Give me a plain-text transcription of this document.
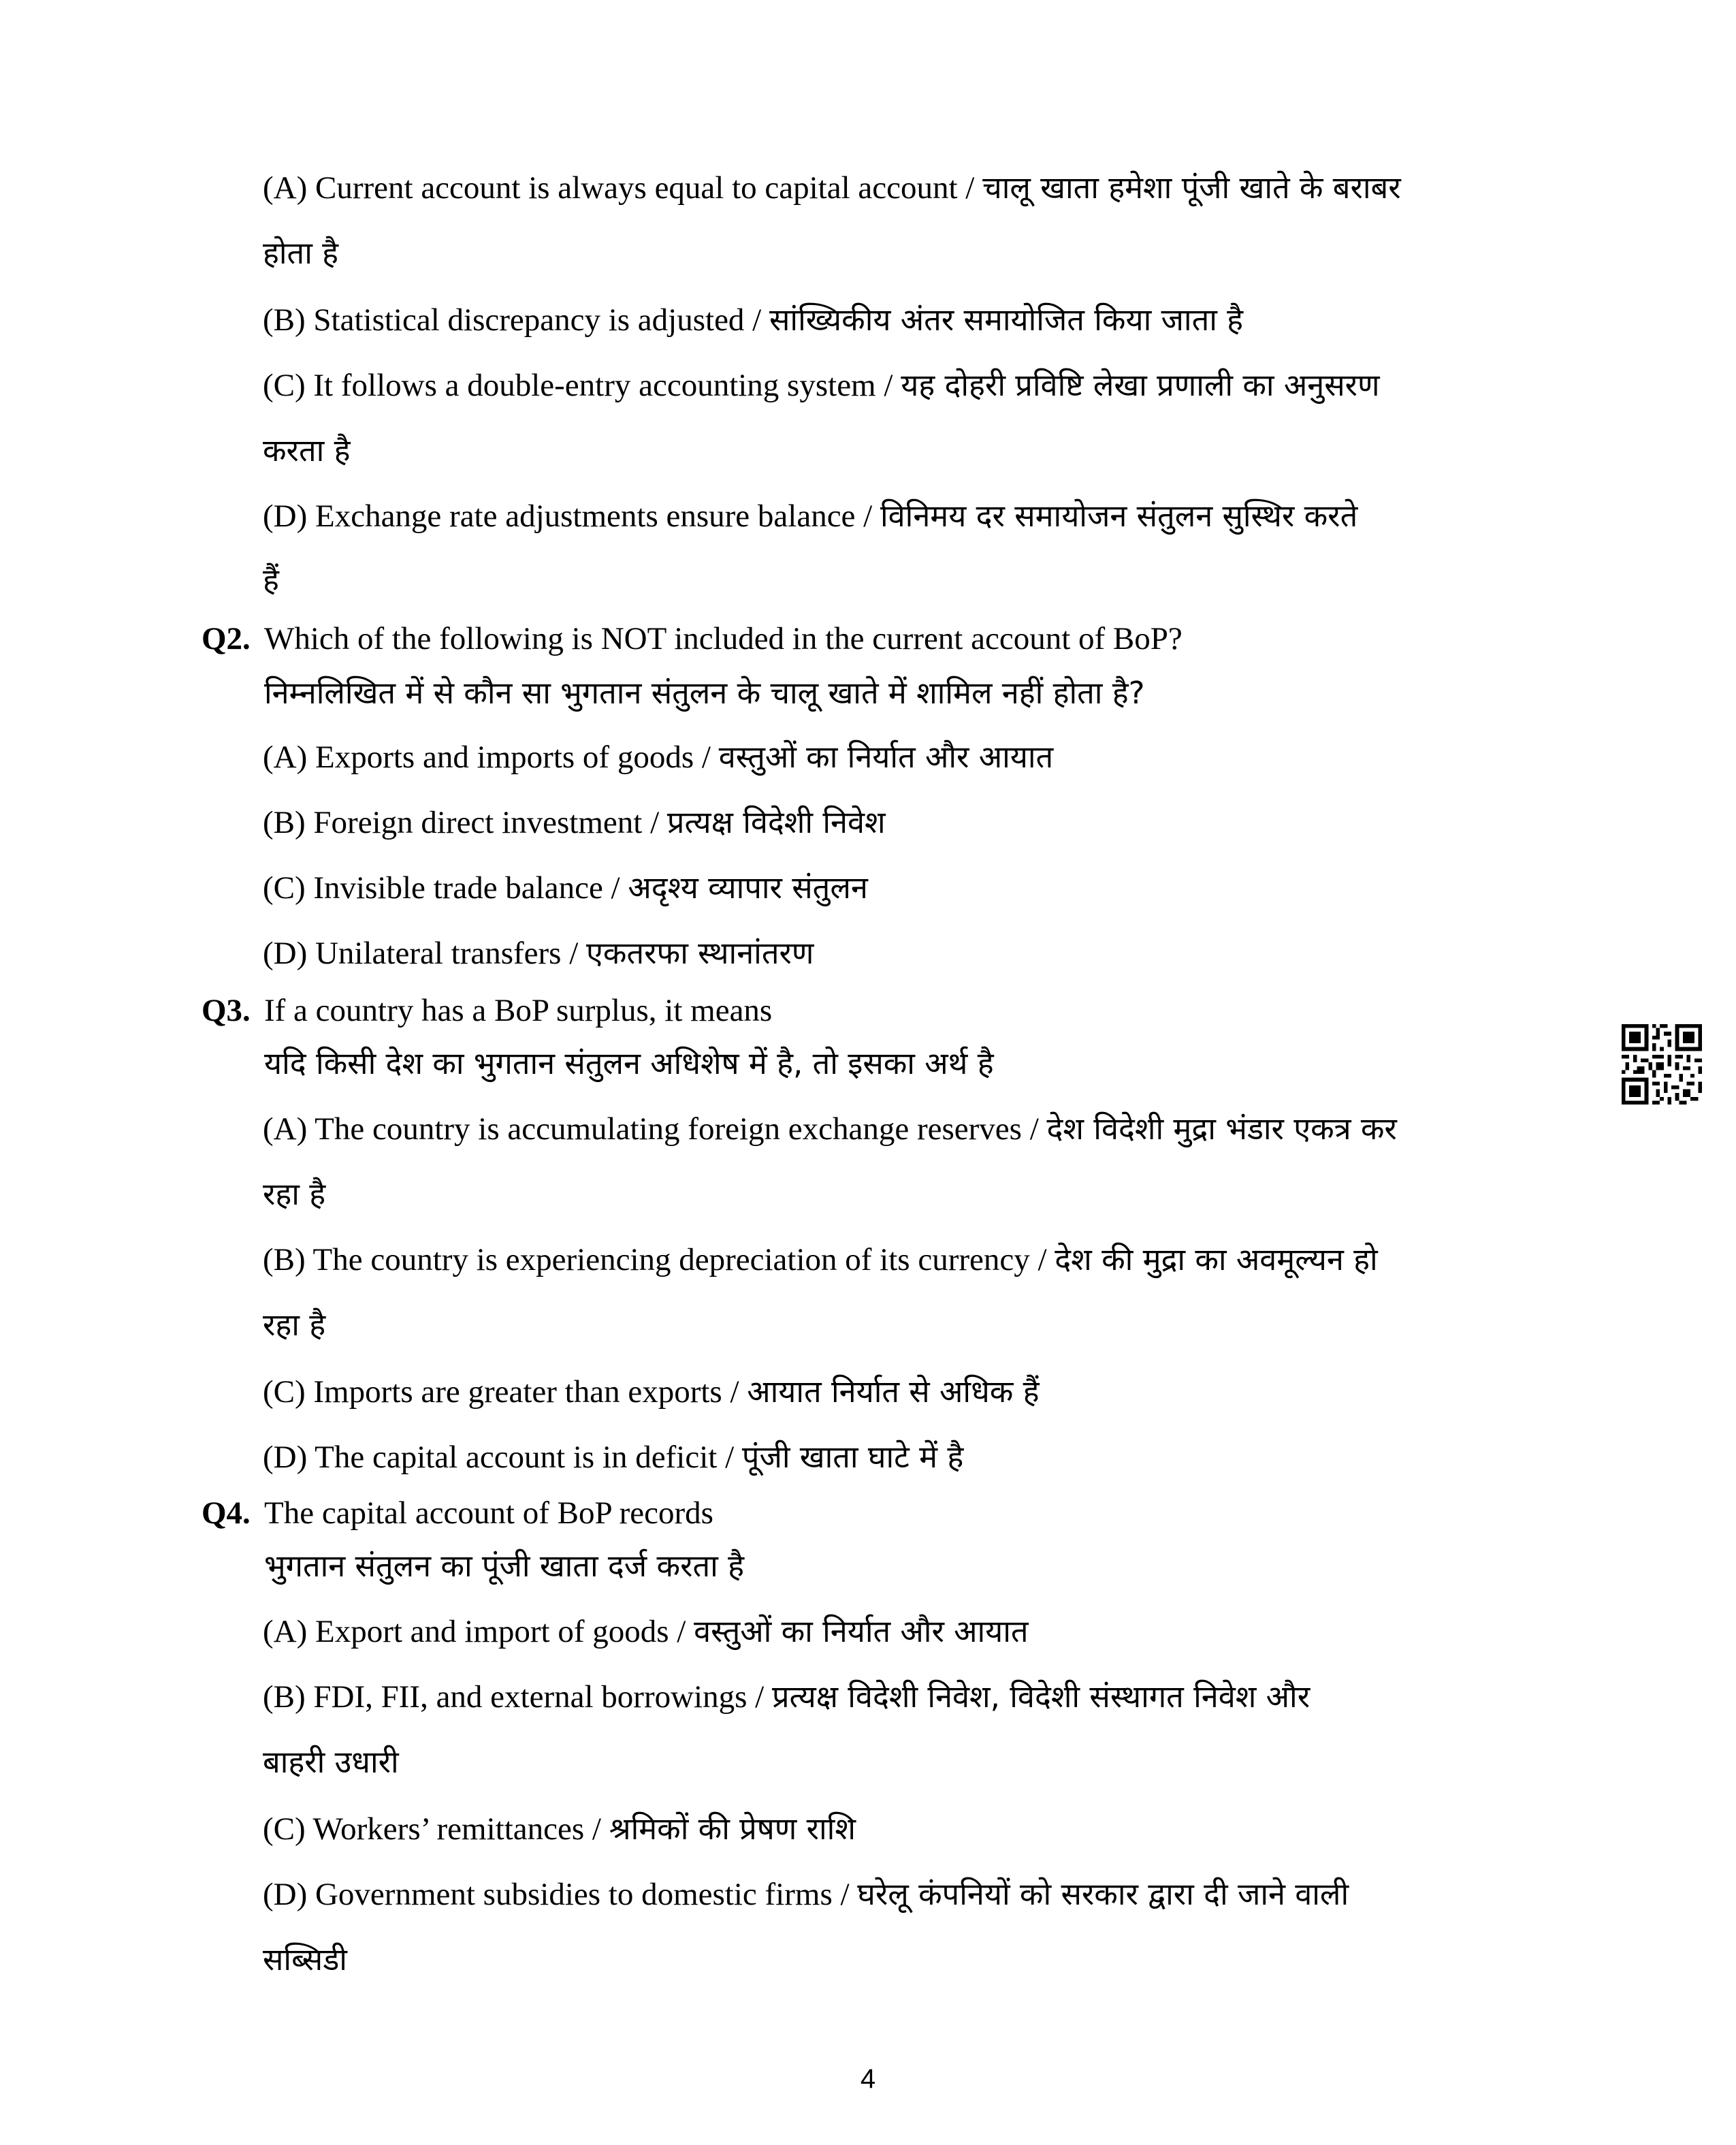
(A) Current account is always equal to capital account / चालू खाता हमेशा पूंजी खाते के बराबर
होता है
(B) Statistical discrepancy is adjusted / सांख्यिकीय अंतर समायोजित किया जाता है
(C) It follows a double-entry accounting system / यह दोहरी प्रविष्टि लेखा प्रणाली का अनुसरण
करता है
(D) Exchange rate adjustments ensure balance / विनिमय दर समायोजन संतुलन सुस्थिर करते
हैं
Q2. Which of the following is NOT included in the current account of BoP?
निम्नलिखित में से कौन सा भुगतान संतुलन के चालू खाते में शामिल नहीं होता है?
(A) Exports and imports of goods / वस्तुओं का निर्यात और आयात
(B) Foreign direct investment / प्रत्यक्ष विदेशी निवेश
(C) Invisible trade balance / अदृश्य व्यापार संतुलन
(D) Unilateral transfers / एकतरफा स्थानांतरण
Q3. If a country has a BoP surplus, it means
यदि किसी देश का भुगतान संतुलन अधिशेष में है, तो इसका अर्थ है
(A) The country is accumulating foreign exchange reserves / देश विदेशी मुद्रा भंडार एकत्र कर
रहा है
(B) The country is experiencing depreciation of its currency / देश की मुद्रा का अवमूल्यन हो
रहा है
(C) Imports are greater than exports / आयात निर्यात से अधिक हैं
(D) The capital account is in deficit / पूंजी खाता घाटे में है
Q4. The capital account of BoP records
भुगतान संतुलन का पूंजी खाता दर्ज करता है
(A) Export and import of goods / वस्तुओं का निर्यात और आयात
(B) FDI, FII, and external borrowings / प्रत्यक्ष विदेशी निवेश, विदेशी संस्थागत निवेश और
बाहरी उधारी
(C) Workers’ remittances / श्रमिकों की प्रेषण राशि
(D) Government subsidies to domestic firms / घरेलू कंपनियों को सरकार द्वारा दी जाने वाली
सब्सिडी
4
